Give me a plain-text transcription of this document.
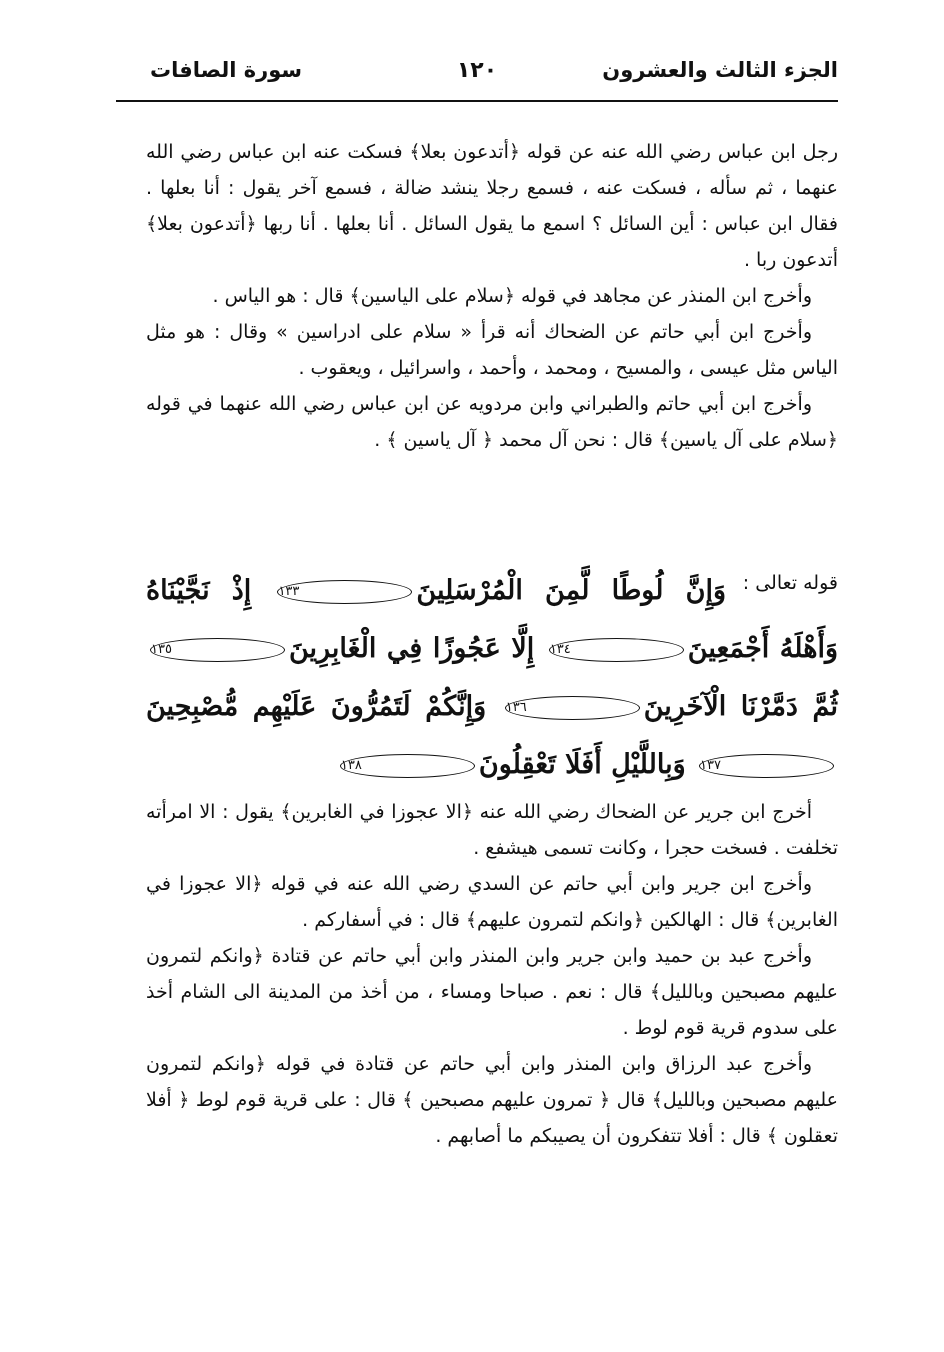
الجزء الثالث والعشرون
١٢٠
سورة الصافات

رجل ابن عباس رضي الله عنه عن قوله ﴿أتدعون بعلا﴾ فسكت عنه ابن عباس رضي الله عنهما ، ثم سأله ، فسكت عنه ، فسمع رجلا ينشد ضالة ، فسمع آخر يقول : أنا بعلها . فقال ابن عباس : أين السائل ؟ اسمع ما يقول السائل . أنا بعلها . أنا ربها ﴿أتدعون بعلا﴾ أتدعون ربا .

وأخرج ابن المنذر عن مجاهد في قوله ﴿سلام على الياسين﴾ قال : هو الياس .

وأخرج ابن أبي حاتم عن الضحاك أنه قرأ « سلام على ادراسين » وقال : هو مثل الياس مثل عيسى ، والمسيح ، ومحمد ، وأحمد ، واسرائيل ، ويعقوب .

وأخرج ابن أبي حاتم والطبراني وابن مردويه عن ابن عباس رضي الله عنهما في قوله ﴿سلام على آل ياسين﴾ قال : نحن آل محمد ﴿ آل ياسين ﴾ .

قوله تعالى :
وَإِنَّ لُوطًا لَّمِنَ الْمُرْسَلِينَ١٣٣ إِذْ نَجَّيْنَاهُ وَأَهْلَهُ أَجْمَعِينَ١٣٤ إِلَّا عَجُوزًا فِي الْغَابِرِينَ١٣٥ ثُمَّ دَمَّرْنَا الْآخَرِينَ١٣٦ وَإِنَّكُمْ لَتَمُرُّونَ عَلَيْهِم مُّصْبِحِينَ١٣٧ وَبِاللَّيْلِ أَفَلَا تَعْقِلُونَ١٣٨

أخرج ابن جرير عن الضحاك رضي الله عنه ﴿الا عجوزا في الغابرين﴾ يقول : الا امرأته تخلفت . فسخت حجرا ، وكانت تسمى هيشفع .

وأخرج ابن جرير وابن أبي حاتم عن السدي رضي الله عنه في قوله ﴿الا عجوزا في الغابرين﴾ قال : الهالكين ﴿وانكم لتمرون عليهم﴾ قال : في أسفاركم .

وأخرج عبد بن حميد وابن جرير وابن المنذر وابن أبي حاتم عن قتادة ﴿وانكم لتمرون عليهم مصبحين وبالليل﴾ قال : نعم . صباحا ومساء ، من أخذ من المدينة الى الشام أخذ على سدوم قرية قوم لوط .

وأخرج عبد الرزاق وابن المنذر وابن أبي حاتم عن قتادة في قوله ﴿وانكم لتمرون عليهم مصبحين وبالليل﴾ قال ﴿ تمرون عليهم مصبحين ﴾ قال : على قرية قوم لوط ﴿ أفلا تعقلون ﴾ قال : أفلا تتفكرون أن يصيبكم ما أصابهم .
